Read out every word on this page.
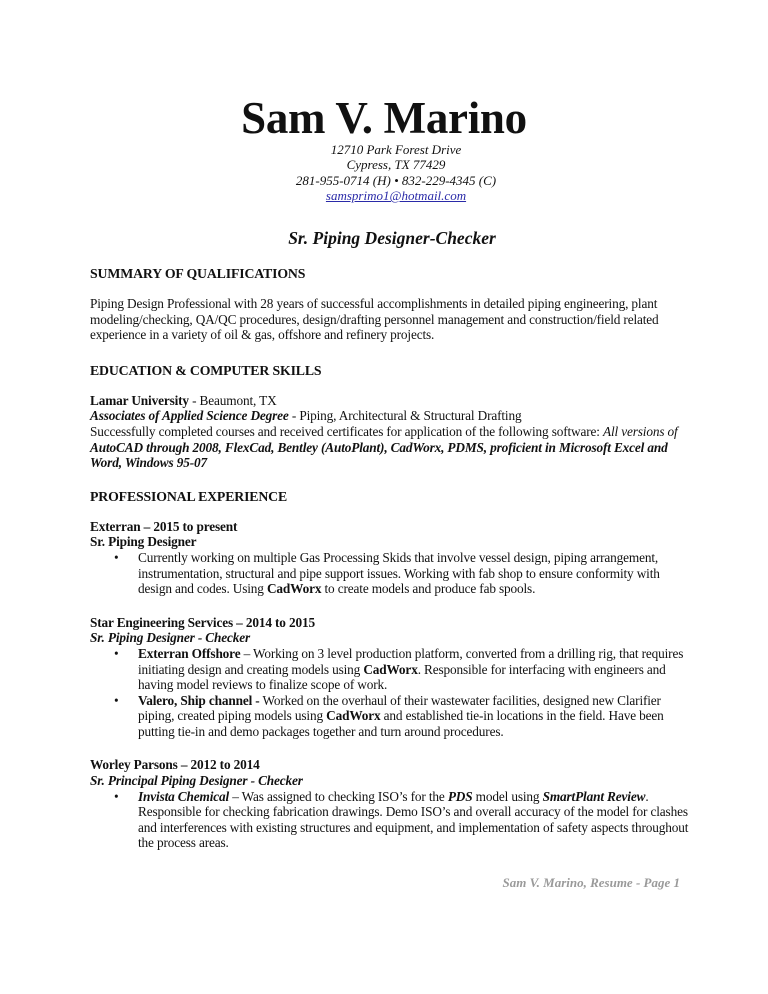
Sam V. Marino
12710 Park Forest Drive
Cypress, TX 77429
281-955-0714 (H) • 832-229-4345 (C)
samsprimo1@hotmail.com
Sr. Piping Designer-Checker
SUMMARY OF QUALIFICATIONS

Piping Design Professional with 28 years of successful accomplishments in detailed piping engineering, plant modeling/checking, QA/QC procedures, design/drafting personnel management and construction/field related experience in a variety of oil & gas, offshore and refinery projects.

EDUCATION & COMPUTER SKILLS
Lamar University - Beaumont, TX
Associates of Applied Science Degree - Piping, Architectural & Structural Drafting
Successfully completed courses and received certificates for application of the following software: All versions of AutoCAD through 2008, FlexCad, Bentley (AutoPlant), CadWorx, PDMS, proficient in Microsoft Excel and Word, Windows 95-07
PROFESSIONAL EXPERIENCE
Exterran – 2015 to present
Sr. Piping Designer
• Currently working on multiple Gas Processing Skids that involve vessel design, piping arrangement, instrumentation, structural and pipe support issues. Working with fab shop to ensure conformity with design and codes. Using CadWorx to create models and produce fab spools.
Star Engineering Services – 2014 to 2015
Sr. Piping Designer - Checker
• Exterran Offshore – Working on 3 level production platform, converted from a drilling rig, that requires initiating design and creating models using CadWorx. Responsible for interfacing with engineers and having model reviews to finalize scope of work.
• Valero, Ship channel - Worked on the overhaul of their wastewater facilities, designed new Clarifier piping, created piping models using CadWorx and established tie-in locations in the field. Have been putting tie-in and demo packages together and turn around procedures.
Worley Parsons – 2012 to 2014
Sr. Principal Piping Designer - Checker
• Invista Chemical – Was assigned to checking ISO’s for the PDS model using SmartPlant Review. Responsible for checking fabrication drawings. Demo ISO’s and overall accuracy of the model for clashes and interferences with existing structures and equipment, and implementation of safety aspects throughout the process areas.
Sam V. Marino, Resume - Page 1
